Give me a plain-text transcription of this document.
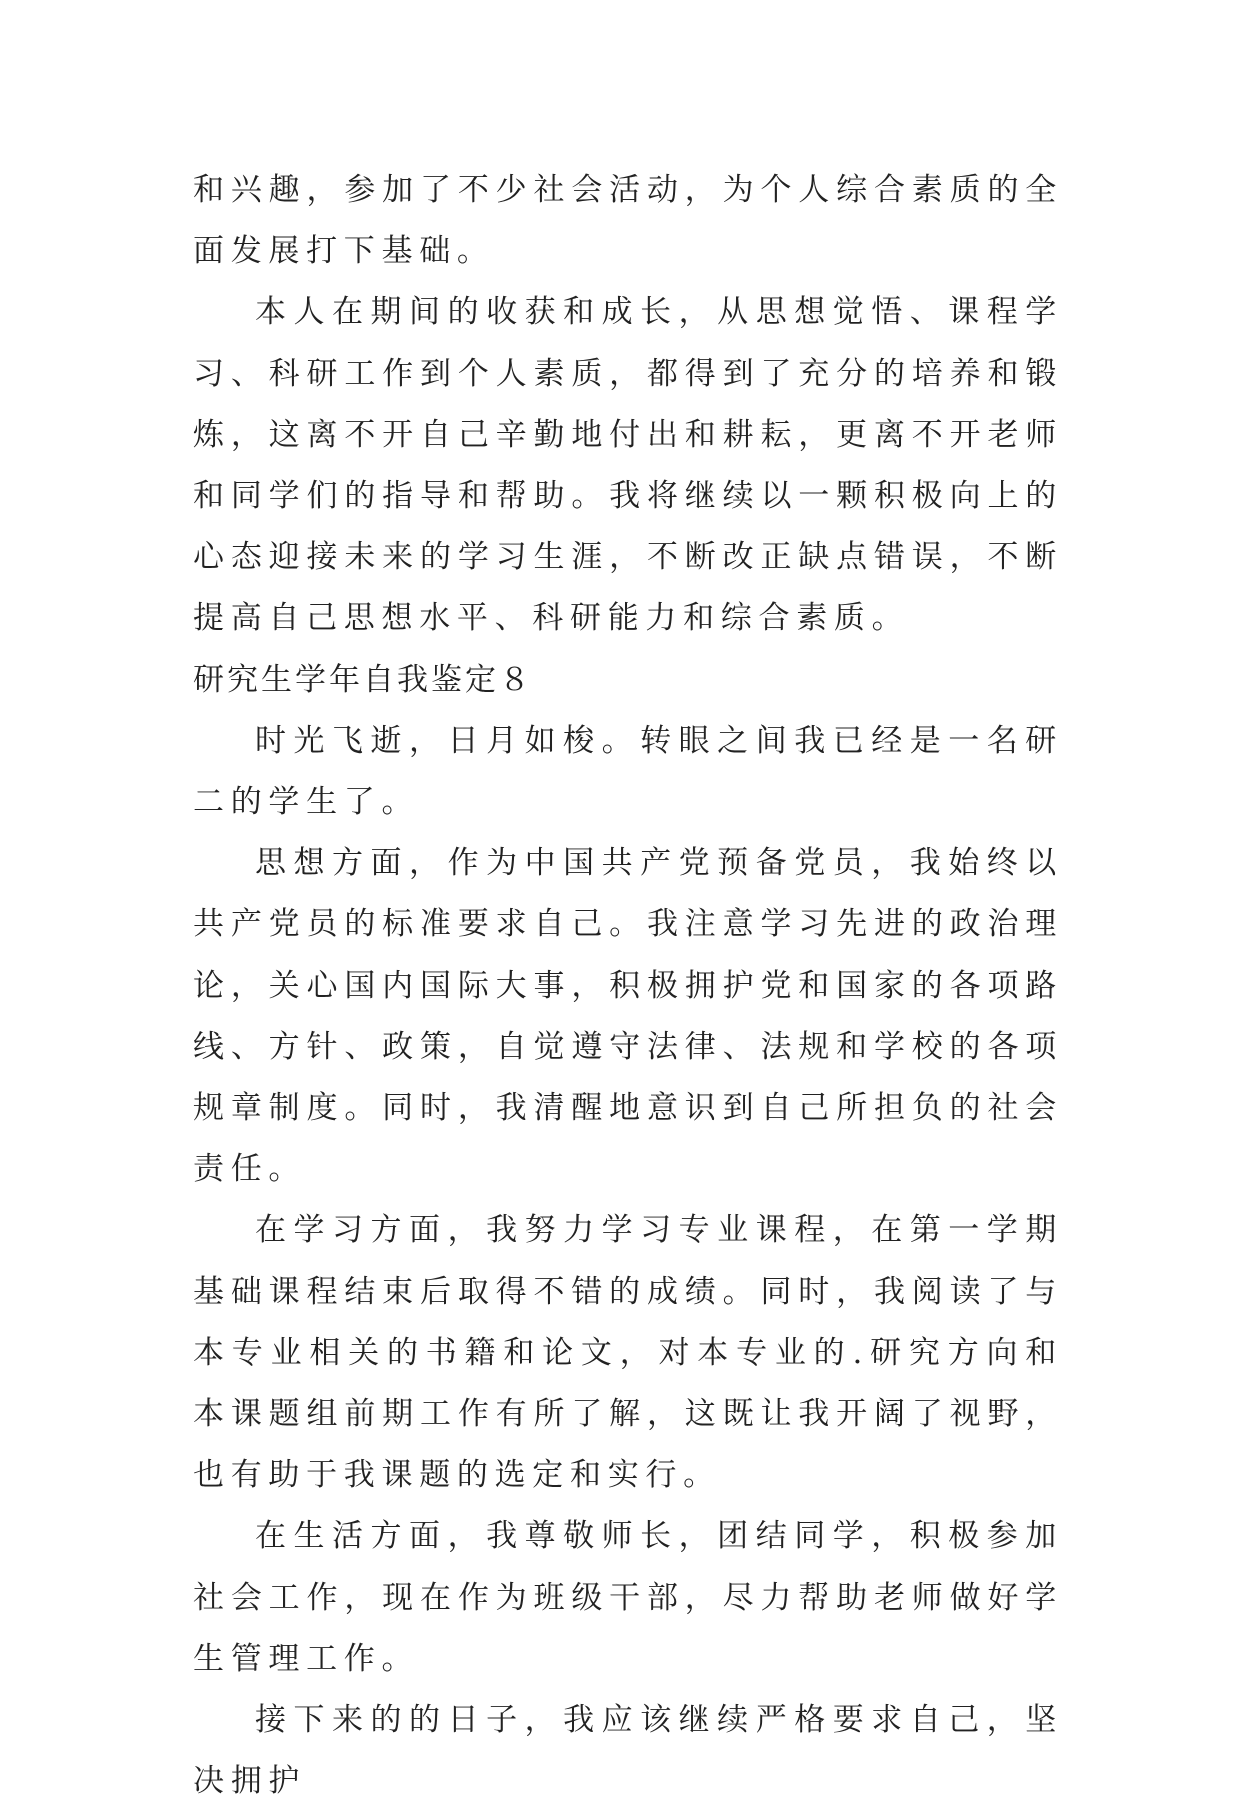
和兴趣，参加了不少社会活动，为个人综合素质的全面发展打下基础。

本人在期间的收获和成长，从思想觉悟、课程学习、科研工作到个人素质，都得到了充分的培养和锻炼，这离不开自己辛勤地付出和耕耘，更离不开老师和同学们的指导和帮助。我将继续以一颗积极向上的心态迎接未来的学习生涯，不断改正缺点错误，不断提高自己思想水平、科研能力和综合素质。

研究生学年自我鉴定８

时光飞逝，日月如梭。转眼之间我已经是一名研二的学生了。

思想方面，作为中国共产党预备党员，我始终以共产党员的标准要求自己。我注意学习先进的政治理论，关心国内国际大事，积极拥护党和国家的各项路线、方针、政策，自觉遵守法律、法规和学校的各项规章制度。同时，我清醒地意识到自己所担负的社会责任。

在学习方面，我努力学习专业课程，在第一学期基础课程结束后取得不错的成绩。同时，我阅读了与本专业相关的书籍和论文，对本专业的.研究方向和本课题组前期工作有所了解，这既让我开阔了视野，也有助于我课题的选定和实行。

在生活方面，我尊敬师长，团结同学，积极参加社会工作，现在作为班级干部，尽力帮助老师做好学生管理工作。

接下来的的日子，我应该继续严格要求自己，坚决拥护
